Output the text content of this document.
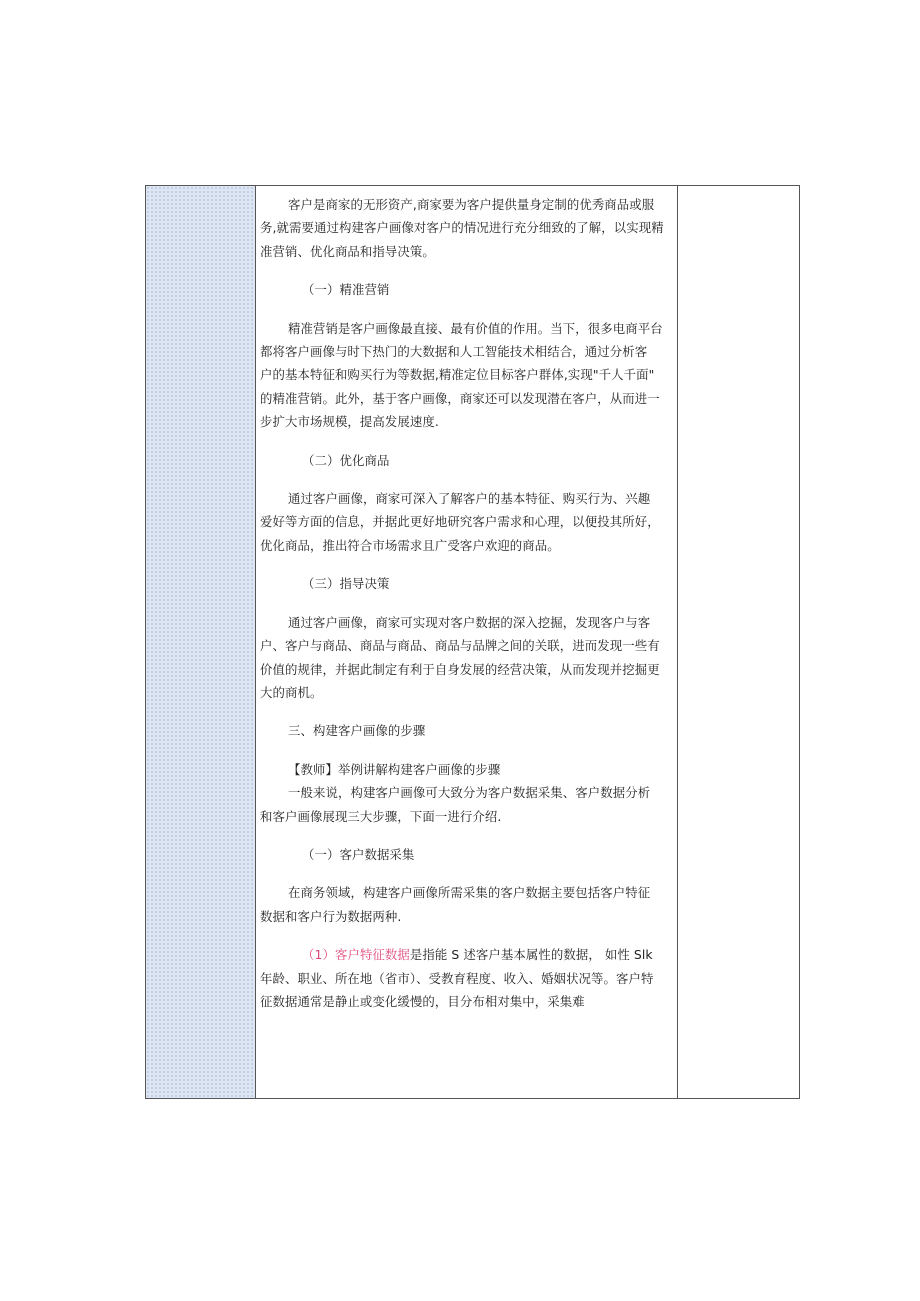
客户是商家的无形资产,商家要为客户提供量身定制的优秀商品或服
务,就需要通过构建客户画像对客户的情况进行充分细致的了解，以实现精
准营销、优化商品和指导决策。
（一）精准营销
精准营销是客户画像最直接、最有价值的作用。当下，很多电商平台
都将客户画像与时下热门的大数据和人工智能技术相结合，通过分析客
户的基本特征和购买行为等数据,精准定位目标客户群体,实现"千人千面"
的精准营销。此外，基于客户画像，商家还可以发现潜在客户，从而进一
步扩大市场规模，提高发展速度.
（二）优化商品
通过客户画像，商家可深入了解客户的基本特征、购买行为、兴趣
爱好等方面的信息，并据此更好地研究客户需求和心理，以便投其所好，
优化商品，推出符合市场需求且广受客户欢迎的商品。
（三）指导决策
通过客户画像，商家可实现对客户数据的深入挖掘，发现客户与客
户、客户与商品、商品与商品、商品与品牌之间的关联，进而发现一些有
价值的规律，并据此制定有利于自身发展的经营决策，从而发现并挖掘更
大的商机。
三、构建客户画像的步骤
【教师】举例讲解构建客户画像的步骤
一般来说，构建客户画像可大致分为客户数据采集、客户数据分析
和客户画像展现三大步骤，下面一进行介绍.
（一）客户数据采集
在商务领域，构建客户画像所需采集的客户数据主要包括客户特征
数据和客户行为数据两种.
（1）客户特征数据是指能 S 述客户基本属性的数据， 如性 Slk
年龄、职业、所在地（省市）、受教育程度、收入、婚姻状况等。客户特
征数据通常是静止或变化缓慢的，目分布相对集中，采集难
